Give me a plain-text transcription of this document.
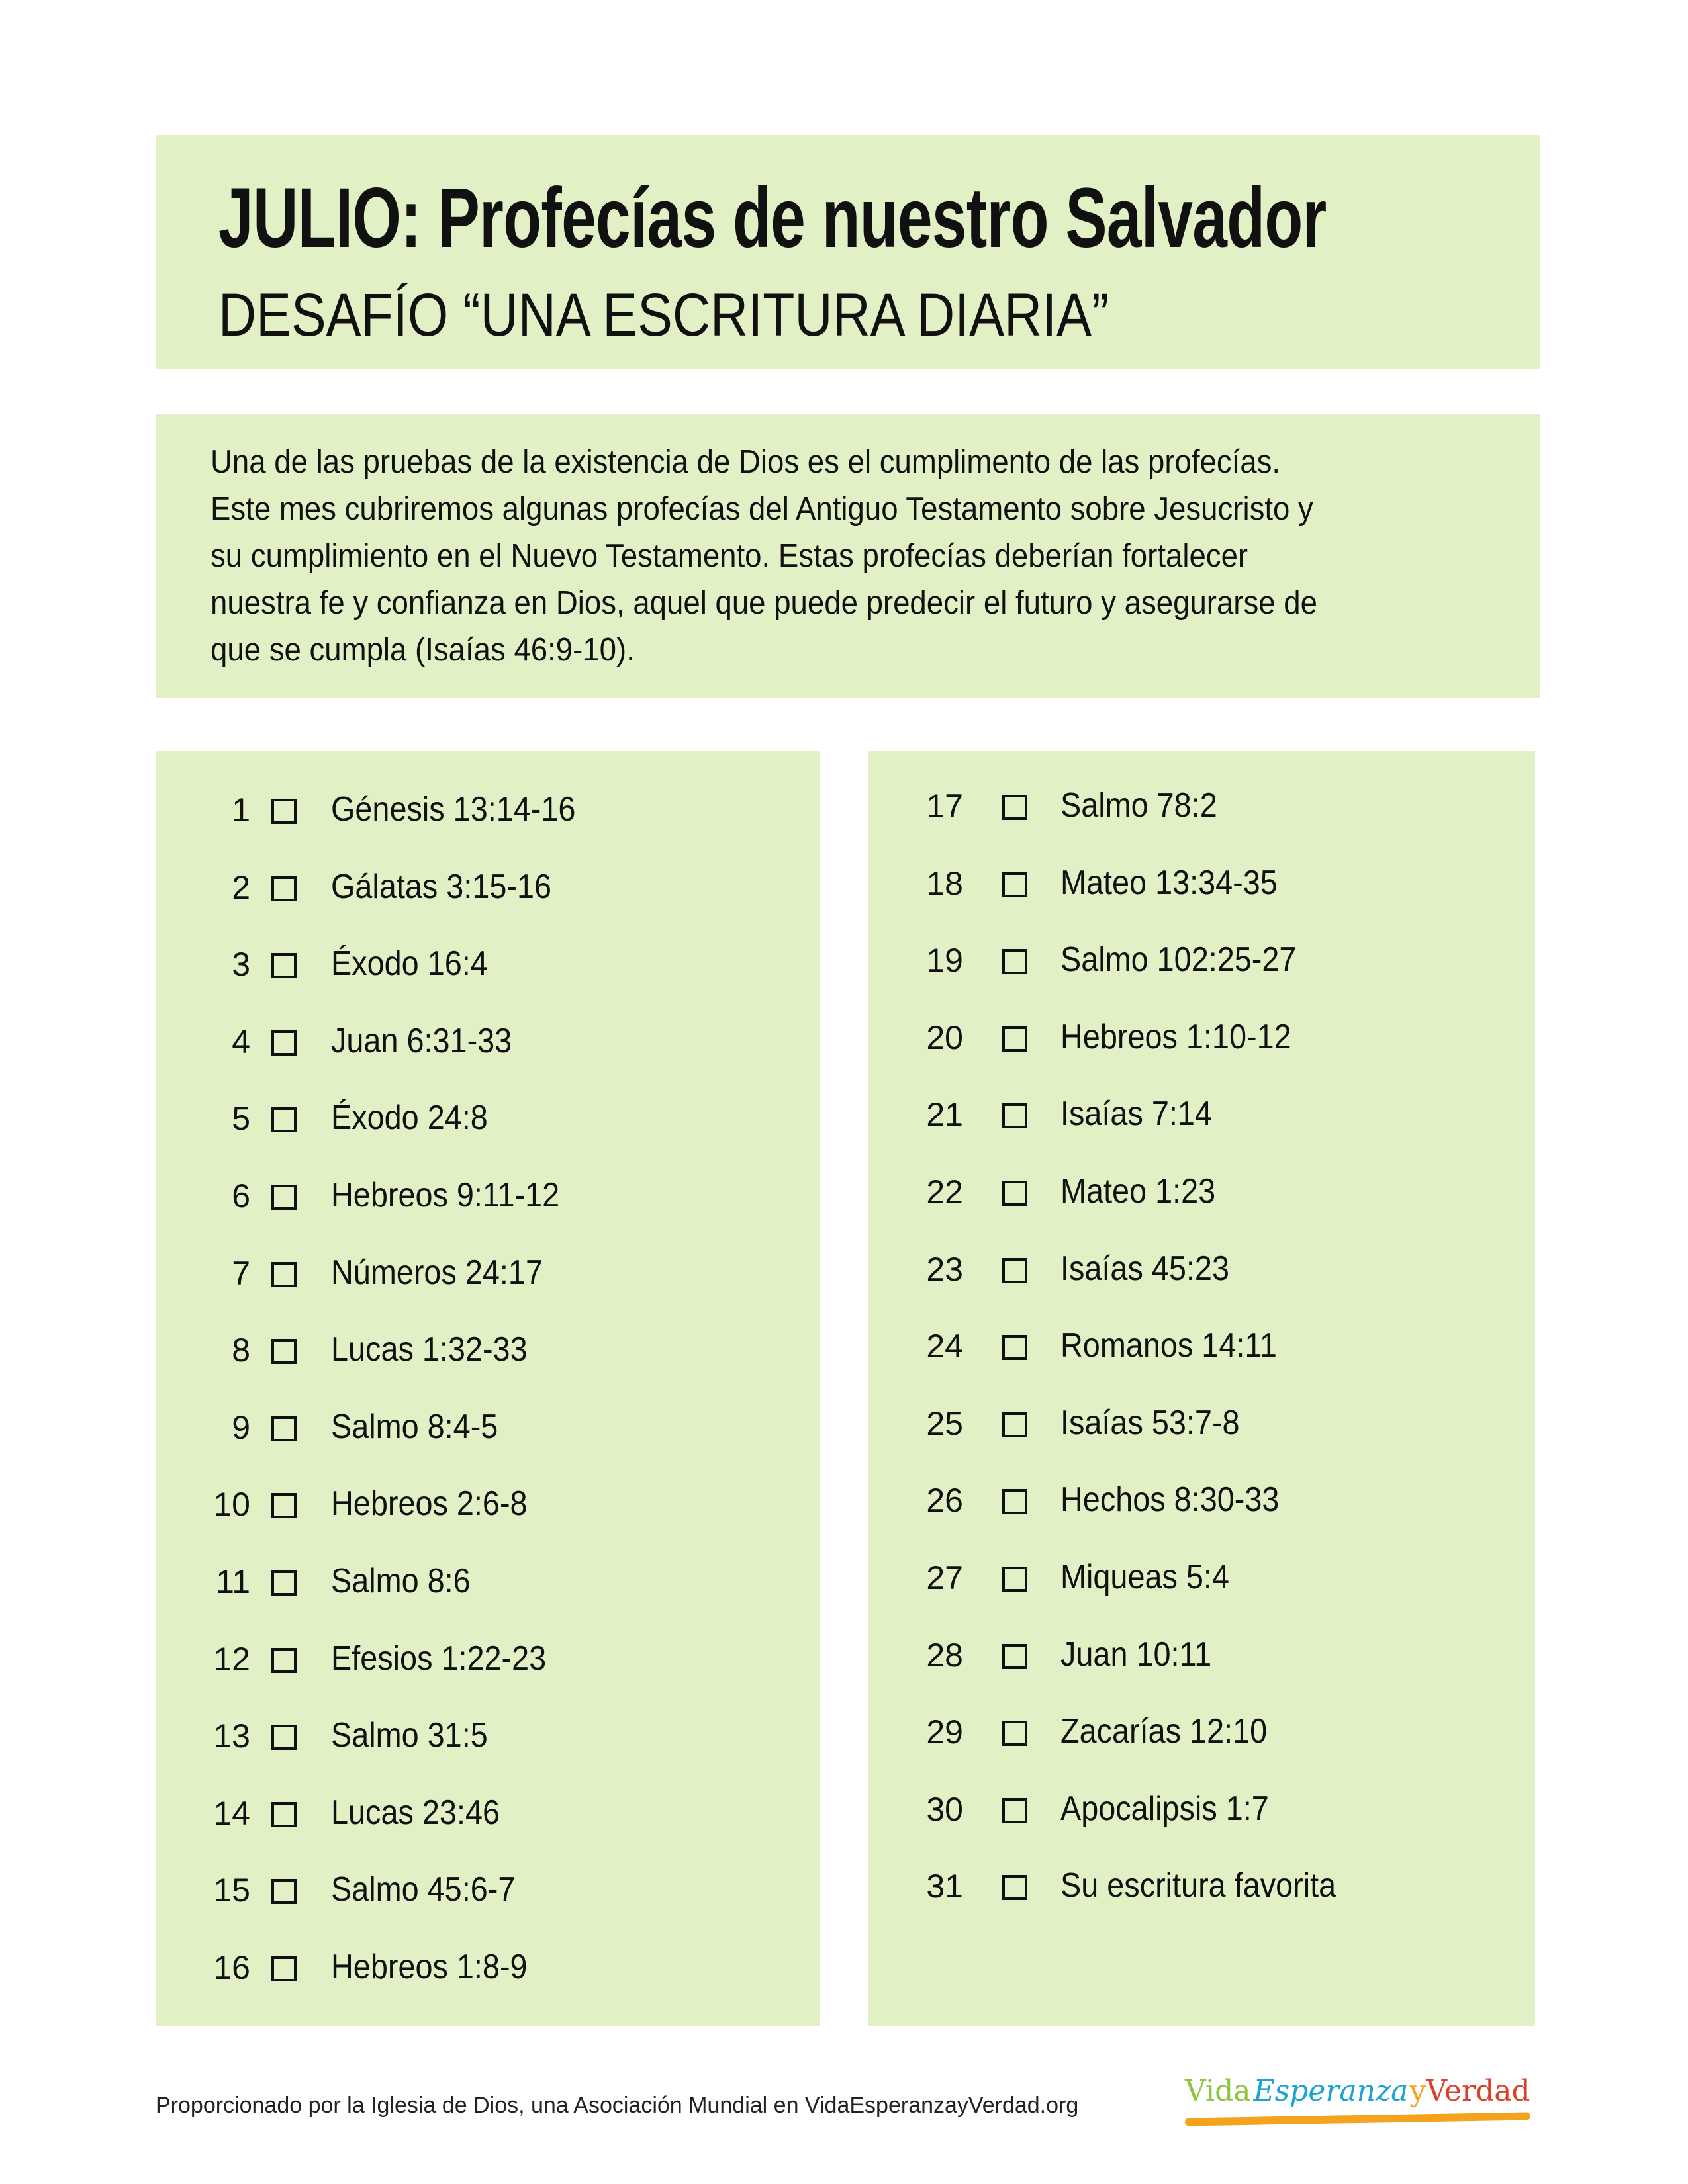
JULIO: Profecías de nuestro Salvador
DESAFÍO “UNA ESCRITURA DIARIA”
Una de las pruebas de la existencia de Dios es el cumplimento de las profecías.
Este mes cubriremos algunas profecías del Antiguo Testamento sobre Jesucristo y
su cumplimiento en el Nuevo Testamento. Estas profecías deberían fortalecer
nuestra fe y confianza en Dios, aquel que puede predecir el futuro y asegurarse de
que se cumpla (Isaías 46:9-10).
1 Génesis 13:14-16
2 Gálatas 3:15-16
3 Éxodo 16:4
4 Juan 6:31-33
5 Éxodo 24:8
6 Hebreos 9:11-12
7 Números 24:17
8 Lucas 1:32-33
9 Salmo 8:4-5
10 Hebreos 2:6-8
11 Salmo 8:6
12 Efesios 1:22-23
13 Salmo 31:5
14 Lucas 23:46
15 Salmo 45:6-7
16 Hebreos 1:8-9
17	Salmo 78:2
18	Mateo 13:34-35
19	Salmo 102:25-27
20	Hebreos 1:10-12
21	Isaías 7:14
22	Mateo 1:23
23	Isaías 45:23
24	Romanos 14:11
25	Isaías 53:7-8
26	Hechos 8:30-33
27	Miqueas 5:4
28	Juan 10:11
29	Zacarías 12:10
30	Apocalipsis 1:7
31	Su escritura favorita
Proporcionado por la Iglesia de Dios, una Asociación Mundial en VidaEsperanzayVerdad.org	Vida Esperanza y Verdad
